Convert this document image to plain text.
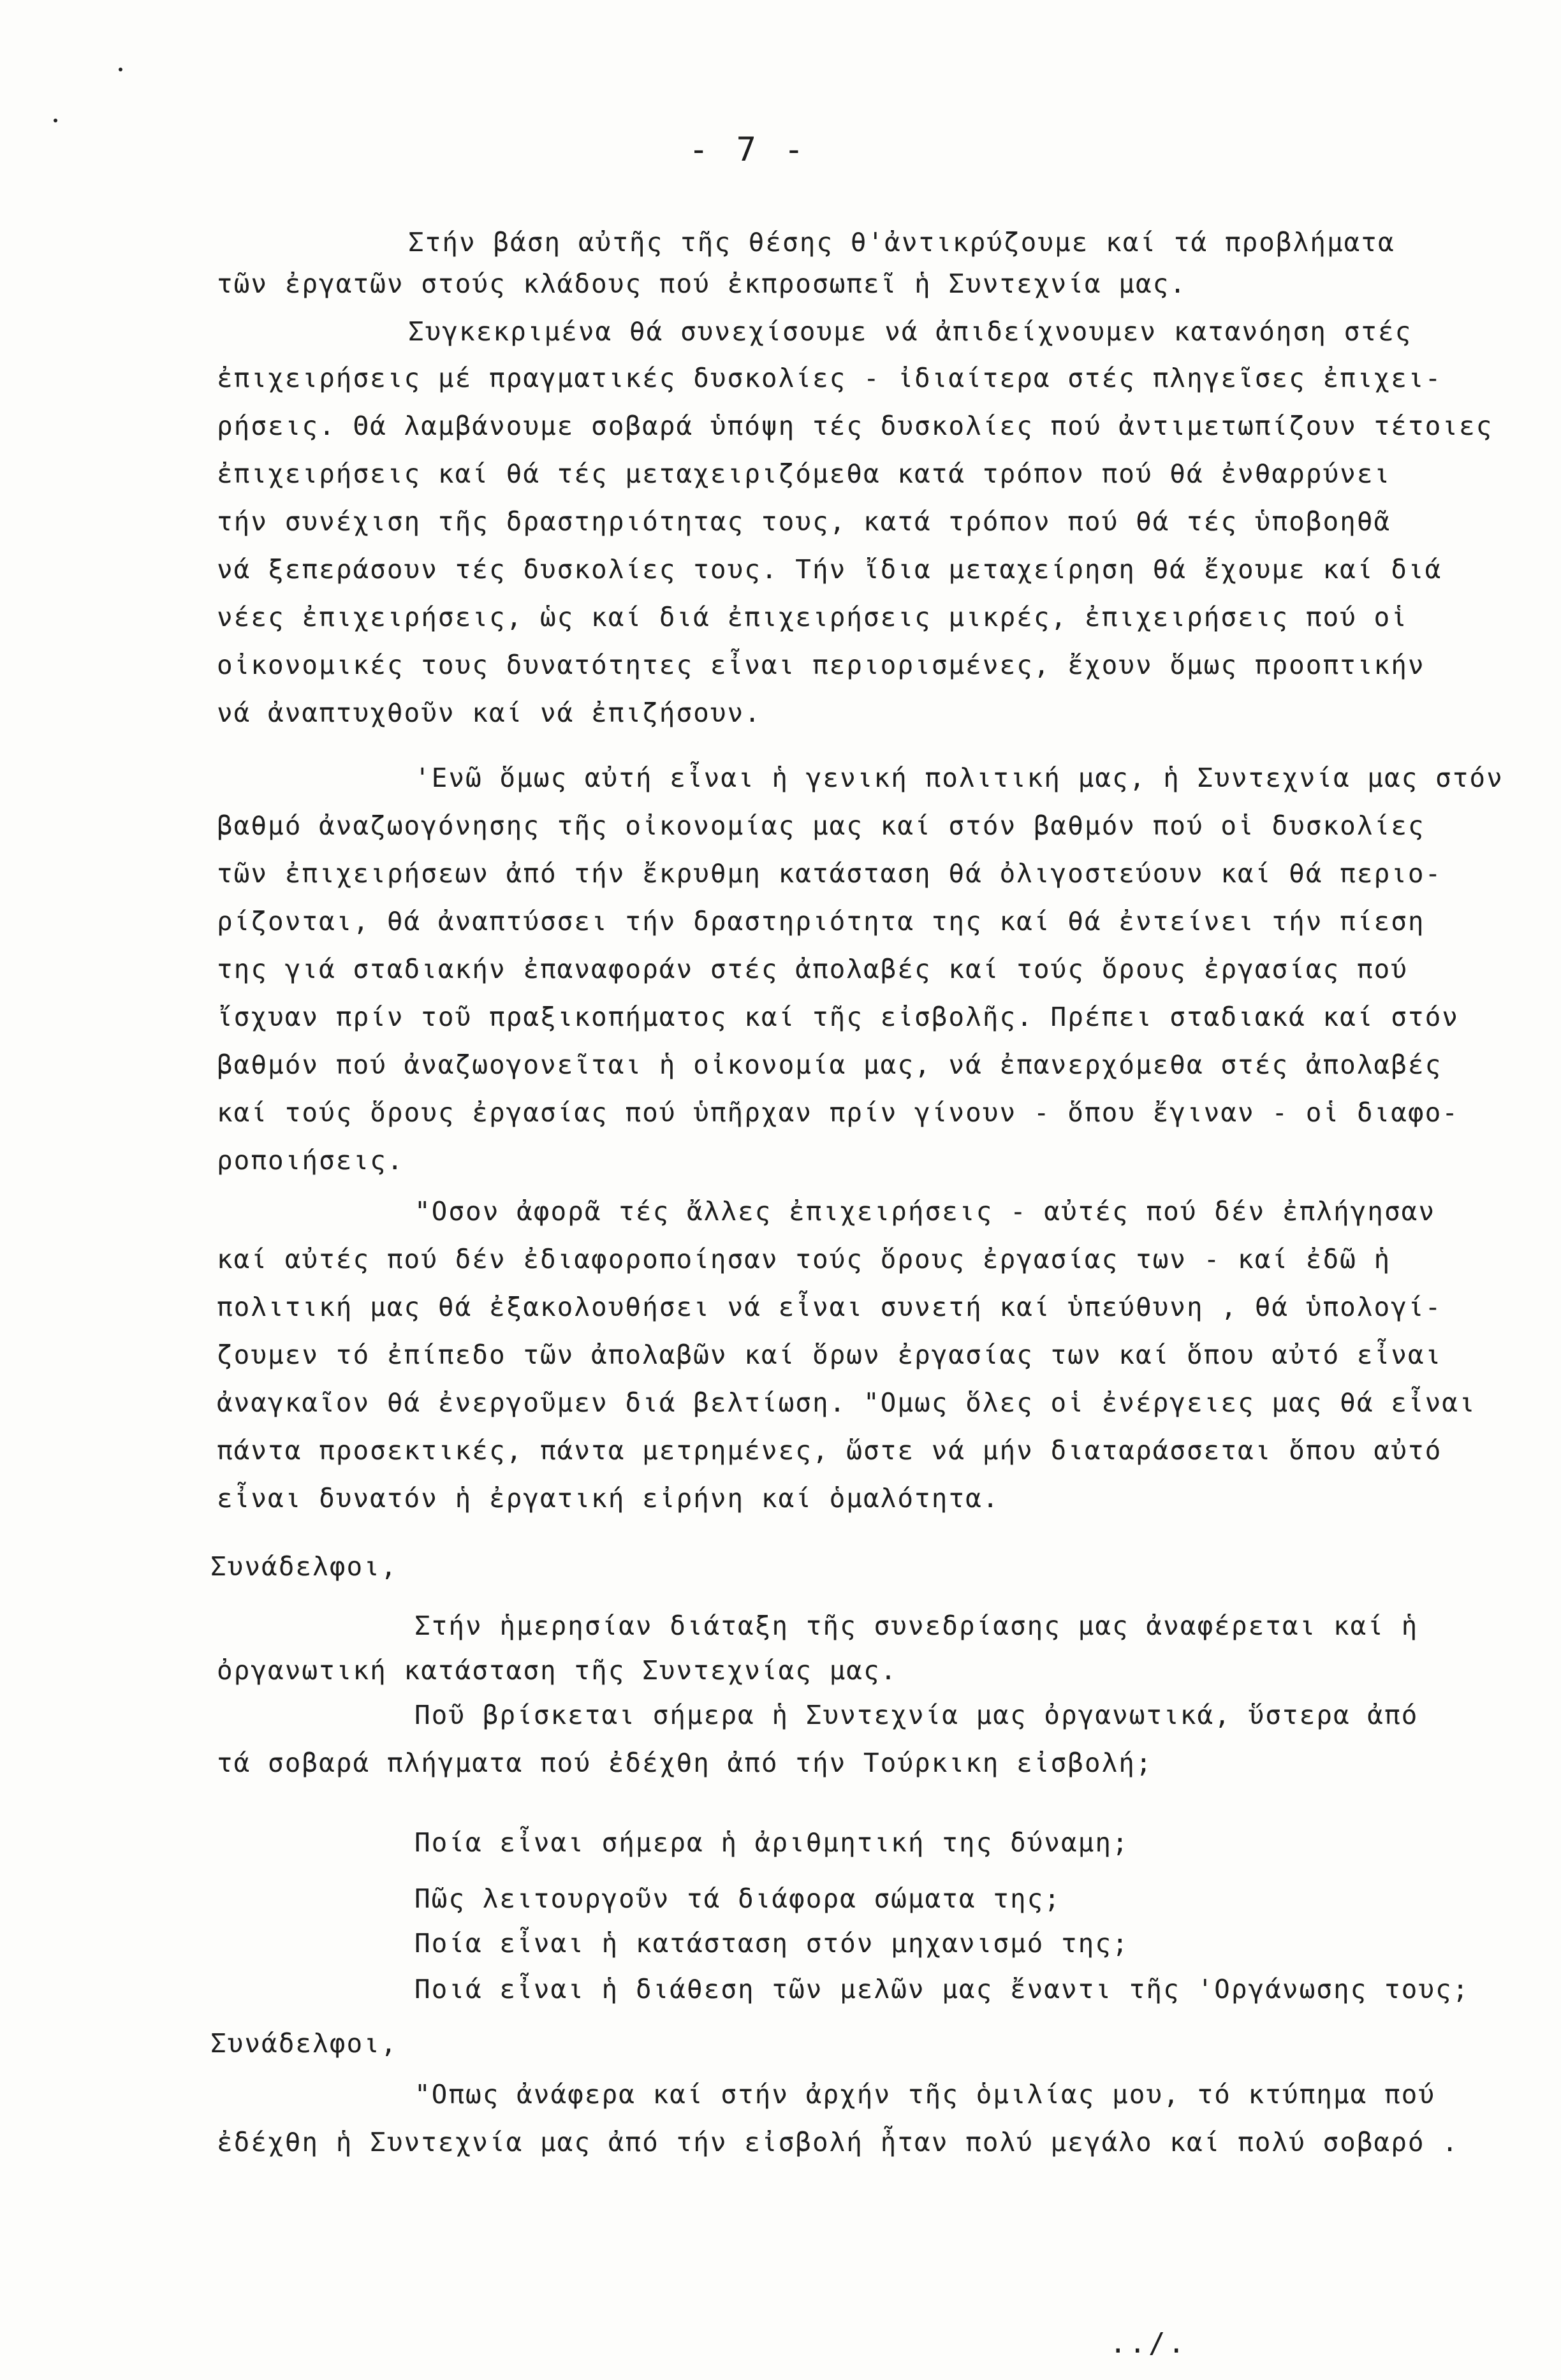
- 7 -
Στήν βάση αὐτῆς τῆς θέσης θ'ἀντικρύζουμε καί τά προβλήματα
τῶν ἐργατῶν στούς κλάδους πού ἐκπροσωπεῖ ἡ Συντεχνία μας.
Συγκεκριμένα θά συνεχίσουμε νά ἀπιδείχνουμεν κατανόηση στές
ἐπιχειρήσεις μέ πραγματικές δυσκολίες - ἰδιαίτερα στές πληγεῖσες ἐπιχει-
ρήσεις. Θά λαμβάνουμε σοβαρά ὑπόψη τές δυσκολίες πού ἀντιμετωπίζουν τέτοιες
ἐπιχειρήσεις καί θά τές μεταχειριζόμεθα κατά τρόπον πού θά ἐνθαρρύνει
τήν συνέχιση τῆς δραστηριότητας τους, κατά τρόπον πού θά τές ὑποβοηθᾶ
νά ξεπεράσουν τές δυσκολίες τους. Τήν ἴδια μεταχείρηση θά ἔχουμε καί διά
νέες ἐπιχειρήσεις, ὡς καί διά ἐπιχειρήσεις μικρές, ἐπιχειρήσεις πού οἱ
οἰκονομικές τους δυνατότητες εἶναι περιορισμένες, ἔχουν ὅμως προοπτικήν
νά ἀναπτυχθοῦν καί νά ἐπιζήσουν.
'Ενῶ ὅμως αὐτή εἶναι ἡ γενική πολιτική μας, ἡ Συντεχνία μας στόν
βαθμό ἀναζωογόνησης τῆς οἰκονομίας μας καί στόν βαθμόν πού οἱ δυσκολίες
τῶν ἐπιχειρήσεων ἀπό τήν ἔκρυθμη κατάσταση θά ὀλιγοστεύουν καί θά περιο-
ρίζονται, θά ἀναπτύσσει τήν δραστηριότητα της καί θά ἐντείνει τήν πίεση
της γιά σταδιακήν ἐπαναφοράν στές ἀπολαβές καί τούς ὅρους ἐργασίας πού
ἴσχυαν πρίν τοῦ πραξικοπήματος καί τῆς εἰσβολῆς. Πρέπει σταδιακά καί στόν
βαθμόν πού ἀναζωογονεῖται ἡ οἰκονομία μας, νά ἐπανερχόμεθα στές ἀπολαβές
καί τούς ὅρους ἐργασίας πού ὑπῆρχαν πρίν γίνουν - ὅπου ἔγιναν - οἱ διαφο-
ροποιήσεις.
"Οσον ἀφορᾶ τές ἄλλες ἐπιχειρήσεις - αὐτές πού δέν ἐπλήγησαν
καί αὐτές πού δέν ἐδιαφοροποίησαν τούς ὅρους ἐργασίας των - καί ἐδῶ ἡ
πολιτική μας θά ἐξακολουθήσει νά εἶναι συνετή καί ὑπεύθυνη , θά ὑπολογί-
ζουμεν τό ἐπίπεδο τῶν ἀπολαβῶν καί ὅρων ἐργασίας των καί ὅπου αὐτό εἶναι
ἀναγκαῖον θά ἐνεργοῦμεν διά βελτίωση. "Ομως ὅλες οἱ ἐνέργειες μας θά εἶναι
πάντα προσεκτικές, πάντα μετρημένες, ὥστε νά μήν διαταράσσεται ὅπου αὐτό
εἶναι δυνατόν ἡ ἐργατική εἰρήνη καί ὁμαλότητα.
Συνάδελφοι,
Στήν ἡμερησίαν διάταξη τῆς συνεδρίασης μας ἀναφέρεται καί ἡ
ὀργανωτική κατάσταση τῆς Συντεχνίας μας.
Ποῦ βρίσκεται σήμερα ἡ Συντεχνία μας ὀργανωτικά, ὕστερα ἀπό
τά σοβαρά πλήγματα πού ἐδέχθη ἀπό τήν Τούρκικη εἰσβολή;
Ποία εἶναι σήμερα ἡ ἀριθμητική της δύναμη;
Πῶς λειτουργοῦν τά διάφορα σώματα της;
Ποία εἶναι ἡ κατάσταση στόν μηχανισμό της;
Ποιά εἶναι ἡ διάθεση τῶν μελῶν μας ἔναντι τῆς 'Οργάνωσης τους;
Συνάδελφοι,
"Οπως ἀνάφερα καί στήν ἀρχήν τῆς ὁμιλίας μου, τό κτύπημα πού
ἐδέχθη ἡ Συντεχνία μας ἀπό τήν εἰσβολή ἦταν πολύ μεγάλο καί πολύ σοβαρό .
../.
